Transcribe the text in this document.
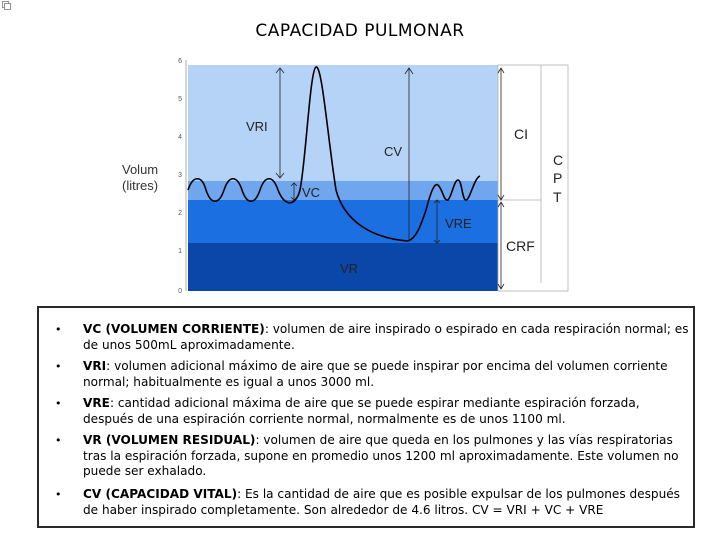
CAPACIDAD PULMONAR
6
5
4
3
2
1
0
Volum
(litres)
VRI
CV
VC
VRE
VR
CI
CRF
C
P
T
• VC (VOLUMEN CORRIENTE): volumen de aire inspirado o espirado en cada respiración normal; es de unos 500mL aproximadamente.
• VRI: volumen adicional máximo de aire que se puede inspirar por encima del volumen corriente normal; habitualmente es igual a unos 3000 ml.
• VRE: cantidad adicional máxima de aire que se puede espirar mediante espiración forzada, después de una espiración corriente normal, normalmente es de unos 1100 ml.
• VR (VOLUMEN RESIDUAL): volumen de aire que queda en los pulmones y las vías respiratorias tras la espiración forzada, supone en promedio unos 1200 ml aproximadamente. Este volumen no puede ser exhalado.
• CV (CAPACIDAD VITAL): Es la cantidad de aire que es posible expulsar de los pulmones después de haber inspirado completamente. Son alrededor de 4.6 litros. CV = VRI + VC + VRE
